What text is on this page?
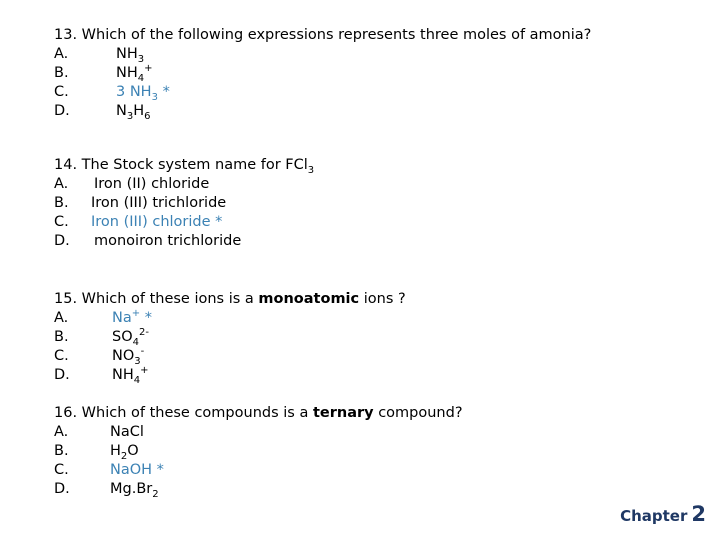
13. Which of the following expressions represents three moles of amonia?
A.	$NH_3$
B.	$NH_4^+$
C.	3 $NH_3$ *
D.	$N_3H_6$
14. The Stock system name for FCl$_3$
A. Iron (II) chloride
B. Iron (III) trichloride
C. Iron (III) chloride *
D. monoiron trichloride
15. Which of these ions is a monoatomic ions ?
A.	Na+ *
B.	$SO_4^{2-}$
C.	$NO_3^-$
D.	$NH_4^+$
16. Which of these compounds is a ternary compound?
A.	NaCl
B.	$H_2O$
C.	NaOH *
D.	$Mg.Br_2$
Chapter 2
